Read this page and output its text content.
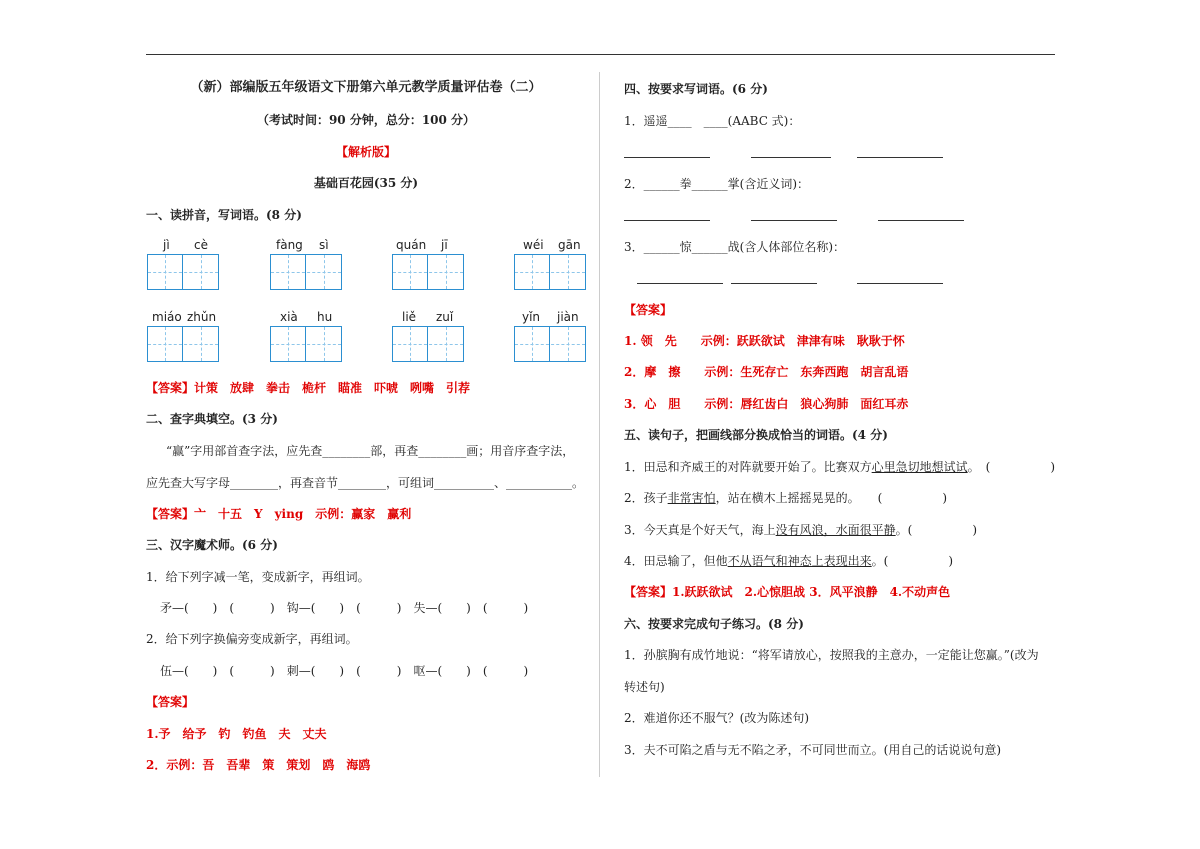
（新）部编版五年级语文下册第六单元教学质量评估卷（二）
（考试时间：90 分钟，总分：100 分）
【解析版】
基础百花园(35 分)
一、读拼音，写词语。(8 分)
jì cè	fàng sì	quán jī	wéi gān
miáo zhǔn	xià hu	liě zuǐ	yǐn jiàn
【答案】计策　放肆　拳击　桅杆　瞄准　吓唬　咧嘴　引荐
二、查字典填空。(3 分)
“赢”字用部首查字法，应先查________部，再查________画；用音序查字法，
应先查大写字母________，再查音节________，可组词__________、___________。
【答案】亠　十五　Y　ying　示例：赢家　赢利
三、汉字魔术师。(6 分)
1．给下列字减一笔，变成新字，再组词。
矛—(　　)　(　　　)　钩—(　　)　(　　　)　失—(　　)　(　　　)
2．给下列字换偏旁变成新字，再组词。
伍—(　　)　(　　　)　刺—(　　)　(　　　)　呕—(　　)　(　　　)
【答案】
1.予　给予　钓　钓鱼　夫　丈夫
2．示例：吾　吾辈　策　策划　鸥　海鸥
四、按要求写词语。(6 分)
1．遥遥____　____(AABC 式)：
2．______拳______掌(含近义词)：
3．______惊______战(含人体部位名称)：
【答案】
1. 领　先　　示例：跃跃欲试　津津有味　耿耿于怀
2．摩　擦　　示例：生死存亡　东奔西跑　胡言乱语
3．心　胆　　示例：唇红齿白　狼心狗肺　面红耳赤
五、读句子，把画线部分换成恰当的词语。(4 分)
1．田忌和齐威王的对阵就要开始了。比赛双方心里急切地想试试。　(　　　　　)
2．孩子非常害怕，站在横木上摇摇晃晃的。　　(　　　　　)
3．今天真是个好天气，海上没有风浪，水面很平静。(　　　　　)
4．田忌输了，但他不从语气和神态上表现出来。(　　　　　)
【答案】1.跃跃欲试　2.心惊胆战 3．风平浪静　4.不动声色
六、按要求完成句子练习。(8 分)
1．孙膑胸有成竹地说：“将军请放心，按照我的主意办，一定能让您赢。”(改为
转述句)
2．难道你还不服气？(改为陈述句)
3．夫不可陷之盾与无不陷之矛，不可同世而立。(用自己的话说说句意)
